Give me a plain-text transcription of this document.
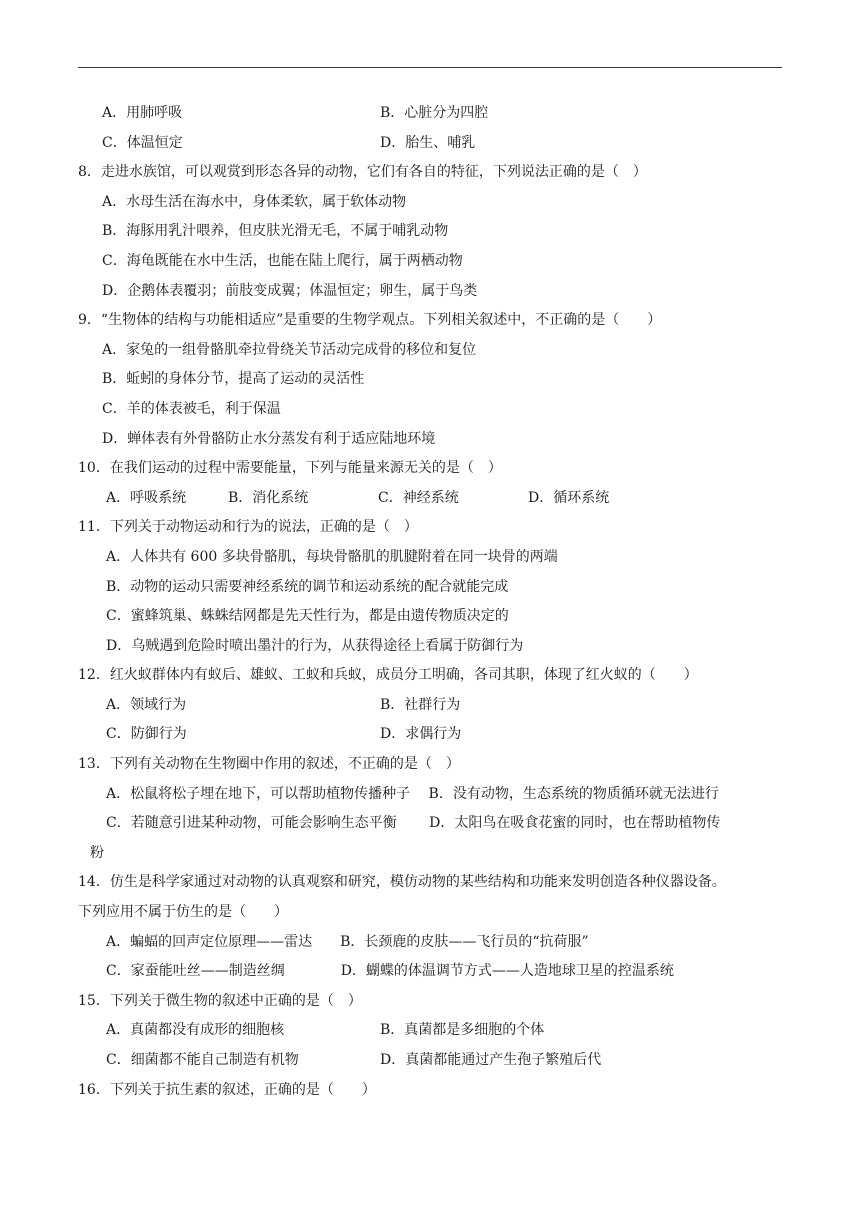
A．用肺呼吸	B．心脏分为四腔
C．体温恒定	D．胎生、哺乳
8．走进水族馆，可以观赏到形态各异的动物，它们有各自的特征，下列说法正确的是（　）
A．水母生活在海水中，身体柔软，属于软体动物
B．海豚用乳汁喂养，但皮肤光滑无毛，不属于哺乳动物
C．海龟既能在水中生活，也能在陆上爬行，属于两栖动物
D．企鹅体表覆羽；前肢变成翼；体温恒定；卵生，属于鸟类
9．“生物体的结构与功能相适应”是重要的生物学观点。下列相关叙述中，不正确的是（　　）
A．家兔的一组骨骼肌牵拉骨绕关节活动完成骨的移位和复位
B．蚯蚓的身体分节，提高了运动的灵活性
C．羊的体表被毛，利于保温
D．蝉体表有外骨骼防止水分蒸发有利于适应陆地环境
10．在我们运动的过程中需要能量，下列与能量来源无关的是（　）
A．呼吸系统	B．消化系统	C．神经系统	D．循环系统
11．下列关于动物运动和行为的说法，正确的是（　）
A．人体共有 600 多块骨骼肌，每块骨骼肌的肌腱附着在同一块骨的两端
B．动物的运动只需要神经系统的调节和运动系统的配合就能完成
C．蜜蜂筑巢、蛛蛛结网都是先天性行为，都是由遗传物质决定的
D．乌贼遇到危险时喷出墨汁的行为，从获得途径上看属于防御行为
12．红火蚁群体内有蚁后、雄蚁、工蚁和兵蚁，成员分工明确，各司其职，体现了红火蚁的（　　）
A．领域行为	B．社群行为
C．防御行为	D．求偶行为
13．下列有关动物在生物圈中作用的叙述，不正确的是（　）
A．松鼠将松子埋在地下，可以帮助植物传播种子　 B．没有动物，生态系统的物质循环就无法进行
C．若随意引进某种动物，可能会影响生态平衡　　 D．太阳鸟在吸食花蜜的同时，也在帮助植物传
粉
14．仿生是科学家通过对动物的认真观察和研究，模仿动物的某些结构和功能来发明创造各种仪器设备。
下列应用不属于仿生的是（　　）
A．蝙蝠的回声定位原理——雷达　　B．长颈鹿的皮肤——飞行员的“抗荷服”
C．家蚕能吐丝——制造丝绸　　　　D．蝴蝶的体温调节方式——人造地球卫星的控温系统
15．下列关于微生物的叙述中正确的是（　）
A．真菌都没有成形的细胞核	B．真菌都是多细胞的个体
C．细菌都不能自己制造有机物	D．真菌都能通过产生孢子繁殖后代
16．下列关于抗生素的叙述，正确的是（　　）
